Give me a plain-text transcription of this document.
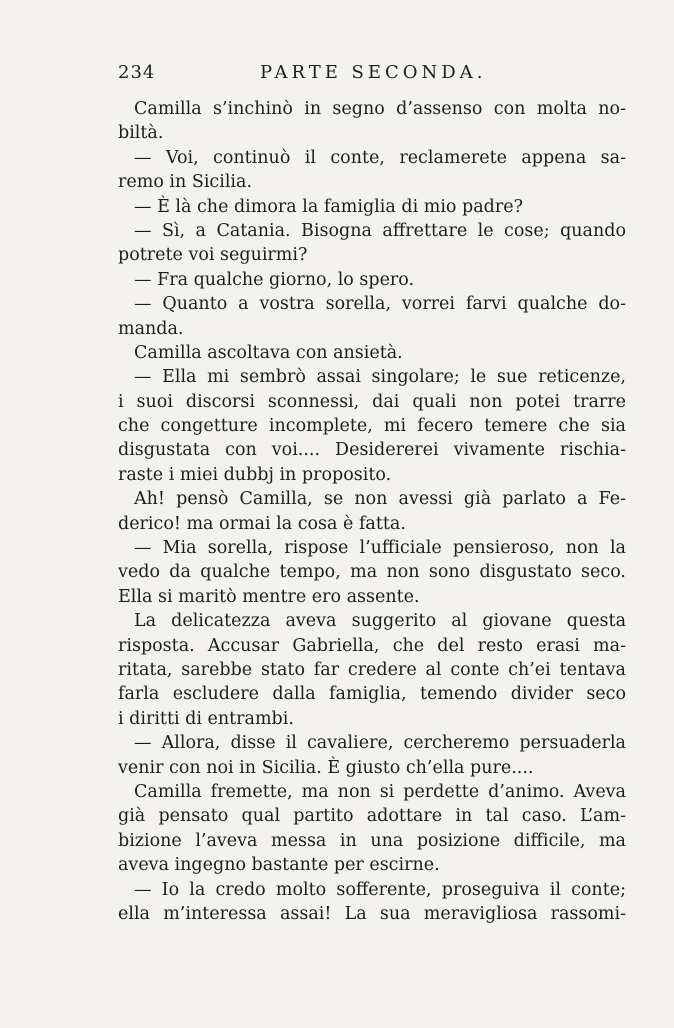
234	PARTE SECONDA.
Camilla s’inchinò in segno d’assenso con molta no-
biltà.
— Voi, continuò il conte, reclamerete appena sa-
remo in Sicilia.
— È là che dimora la famiglia di mio padre?
— Sì, a Catania. Bisogna affrettare le cose; quando
potrete voi seguirmi?
— Fra qualche giorno, lo spero.
— Quanto a vostra sorella, vorrei farvi qualche do-
manda.
Camilla ascoltava con ansietà.
— Ella mi sembrò assai singolare; le sue reticenze,
i suoi discorsi sconnessi, dai quali non potei trarre
che congetture incomplete, mi fecero temere che sia
disgustata con voi.... Desidererei vivamente rischia-
raste i miei dubbj in proposito.
Ah! pensò Camilla, se non avessi già parlato a Fe-
derico! ma ormai la cosa è fatta.
— Mia sorella, rispose l’ufficiale pensieroso, non la
vedo da qualche tempo, ma non sono disgustato seco.
Ella si maritò mentre ero assente.
La delicatezza aveva suggerito al giovane questa
risposta. Accusar Gabriella, che del resto erasi ma-
ritata, sarebbe stato far credere al conte ch’ei tentava
farla escludere dalla famiglia, temendo divider seco
i diritti di entrambi.
— Allora, disse il cavaliere, cercheremo persuaderla
venir con noi in Sicilia. È giusto ch’ella pure....
Camilla fremette, ma non si perdette d’animo. Aveva
già pensato qual partito adottare in tal caso. L’am-
bizione l’aveva messa in una posizione difficile, ma
aveva ingegno bastante per escirne.
— Io la credo molto sofferente, proseguiva il conte;
ella m’interessa assai! La sua meravigliosa rassomi-
